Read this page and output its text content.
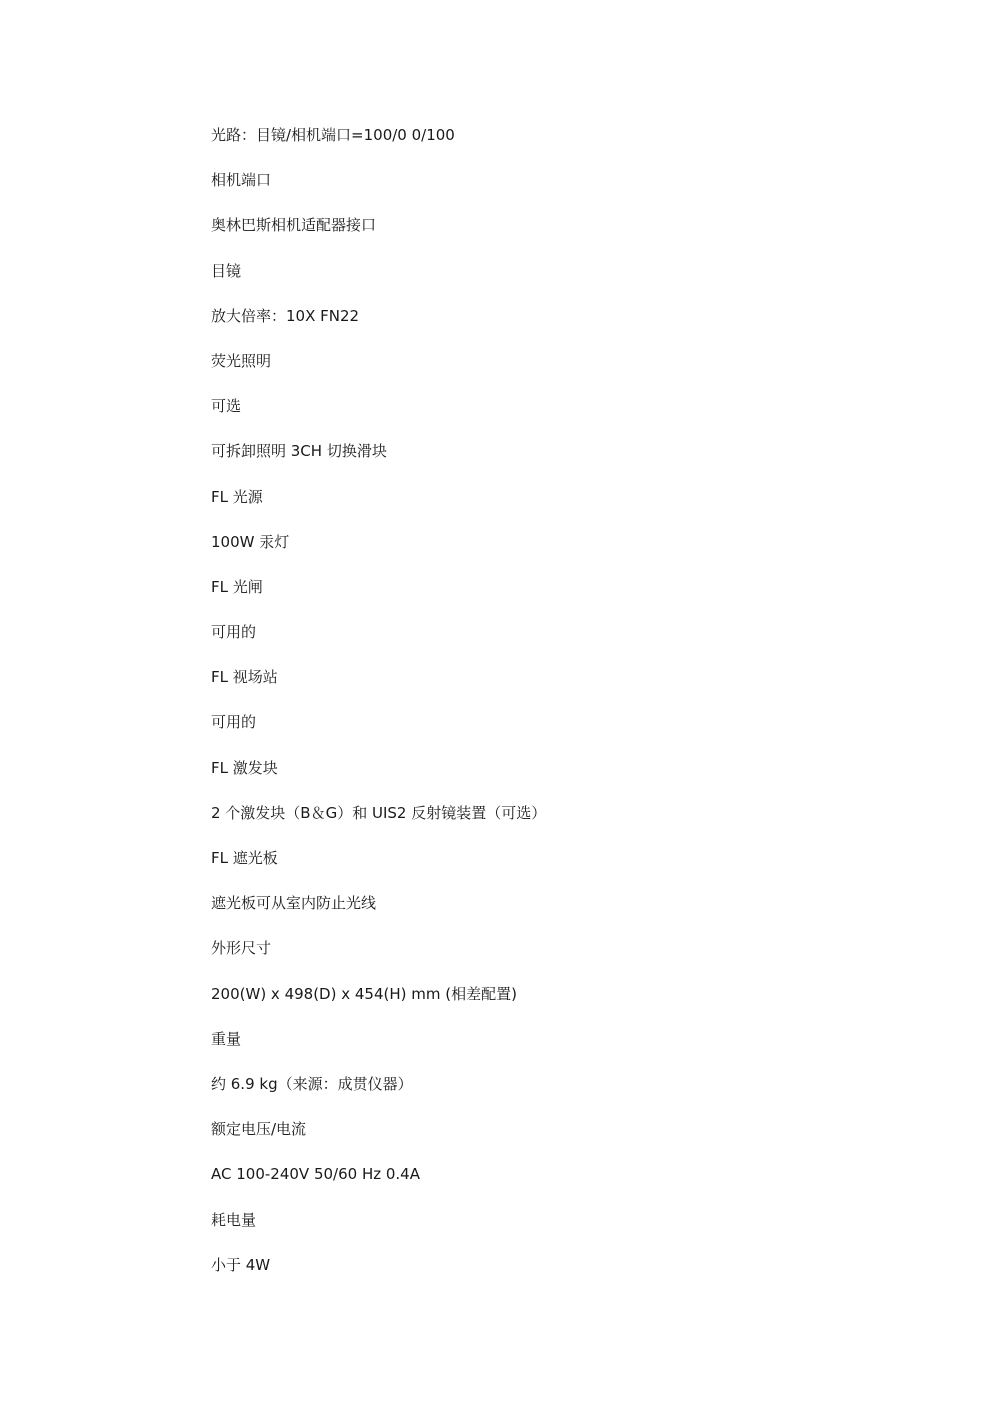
光路：目镜/相机端口=100/0 0/100
相机端口
奥林巴斯相机适配器接口
目镜
放大倍率：10X FN22
荧光照明
可选
可拆卸照明 3CH 切换滑块
FL 光源
100W 汞灯
FL 光闸
可用的
FL 视场站
可用的
FL 激发块
2 个激发块（B＆G）和 UIS2 反射镜装置（可选）
FL 遮光板
遮光板可从室内防止光线
外形尺寸
200(W) x 498(D) x 454(H) mm (相差配置)
重量
约 6.9 kg（来源：成贯仪器）
额定电压/电流
AC 100-240V 50/60 Hz 0.4A
耗电量
小于 4W
